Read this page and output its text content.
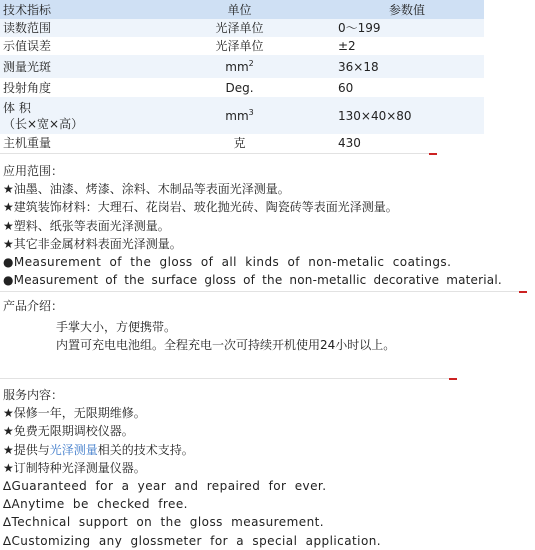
技术指标	单位	参数值
读数范围	光泽单位	0～199
示值误差	光泽单位	±2
测量光斑	$mm^2$	36×18
投射角度	Deg.	60

体 积
（长×宽×高）	$mm^3$	130×40×80
主机重量	克	430
应用范围：
★油墨、油漆、烤漆、涂料、木制品等表面光泽测量。
★建筑装饰材料：大理石、花岗岩、玻化抛光砖、陶瓷砖等表面光泽测量。
★塑料、纸张等表面光泽测量。
★其它非金属材料表面光泽测量。
●Measurement of the gloss of all kinds of non-metalic coatings.
●Measurement of the surface gloss of the non-metallic decorative material.
产品介绍：
手掌大小，方便携带。
内置可充电电池组。全程充电一次可持续开机使用24小时以上。
服务内容：
★保修一年，无限期维修。
★免费无限期调校仪器。
★提供与光泽测量相关的技术支持。
★订制特种光泽测量仪器。
∆Guaranteed for a year and repaired for ever.
∆Anytime be checked free.
∆Technical support on the gloss measurement.
∆Customizing any glossmeter for a special application.
